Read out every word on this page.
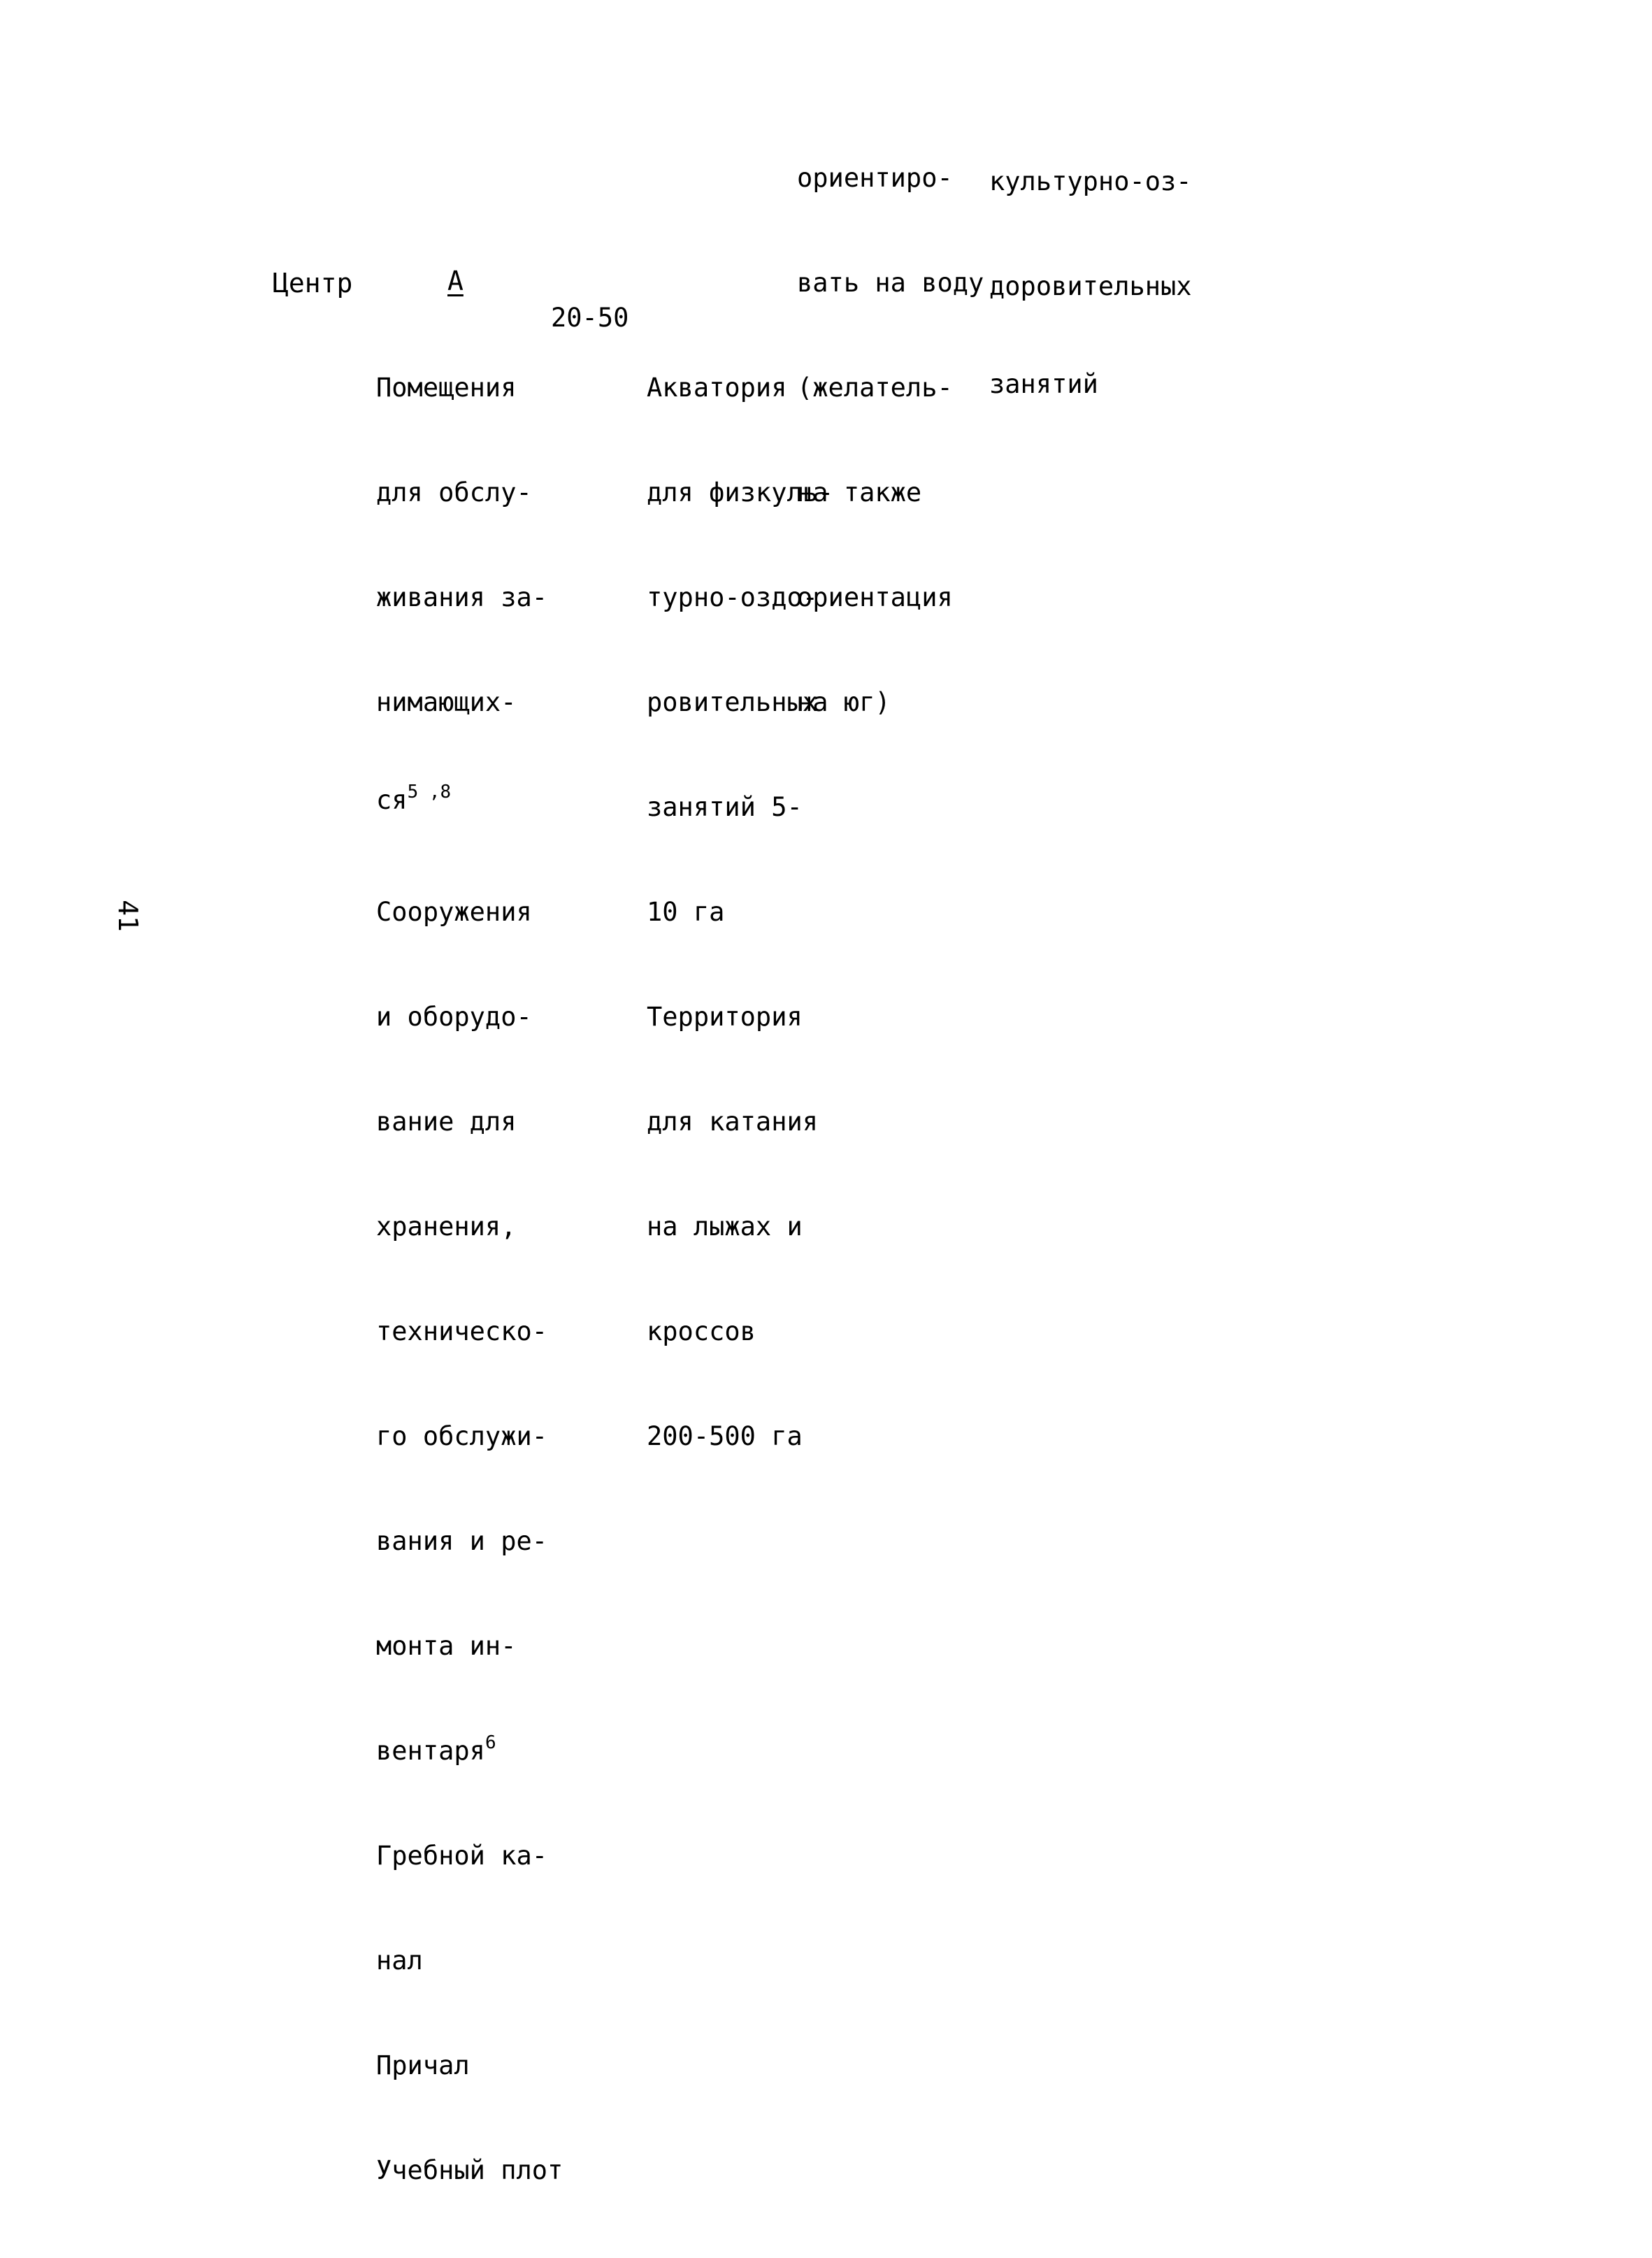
ориентиро-

вать на воду

(желатель-

на также

ориентация

на юг)

культурно-оз-

доровительных

занятий

Центр	А

Помещения

для обслу-

живания за-

нимающих-

ся$^{5 ,8}$

Сооружения

и оборудо-

вание для

хранения,

техническо-

го обслужи-

вания и ре-

монта ин-

вентаря$^6$

Гребной ка-

нал

Причал

Учебный плот

20-50

Акватория

для физкуль-

турно-оздо-

ровительных

занятий 5-

10 га

Территория

для катания

на лыжах и

кроссов

200-500 га

41
